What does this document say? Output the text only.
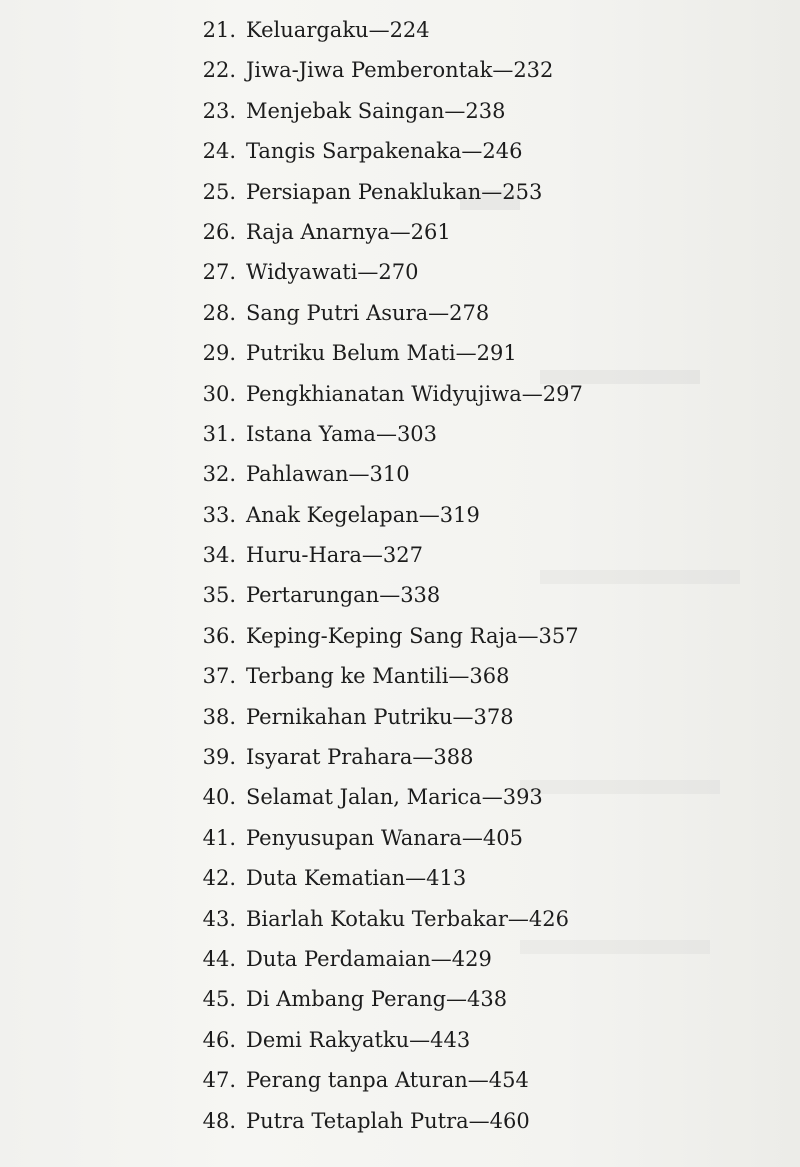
21. Keluargaku—224
22. Jiwa-Jiwa Pemberontak—232
23. Menjebak Saingan—238
24. Tangis Sarpakenaka—246
25. Persiapan Penaklukan—253
26. Raja Anarnya—261
27. Widyawati—270
28. Sang Putri Asura—278
29. Putriku Belum Mati—291
30. Pengkhianatan Widyujiwa—297
31. Istana Yama—303
32. Pahlawan—310
33. Anak Kegelapan—319
34. Huru-Hara—327
35. Pertarungan—338
36. Keping-Keping Sang Raja—357
37. Terbang ke Mantili—368
38. Pernikahan Putriku—378
39. Isyarat Prahara—388
40. Selamat Jalan, Marica—393
41. Penyusupan Wanara—405
42. Duta Kematian—413
43. Biarlah Kotaku Terbakar—426
44. Duta Perdamaian—429
45. Di Ambang Perang—438
46. Demi Rakyatku—443
47. Perang tanpa Aturan—454
48. Putra Tetaplah Putra—460
